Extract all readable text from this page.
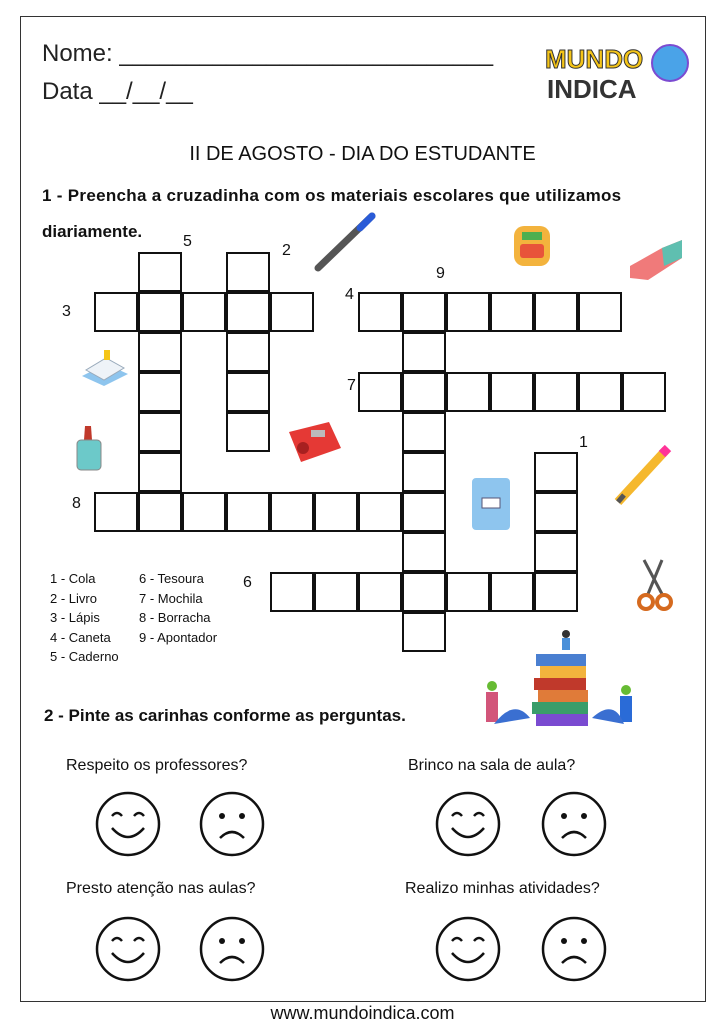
Nome: ____________________________
Data __/__/__
MUNDO
INDICA
II DE AGOSTO - DIA DO ESTUDANTE
1 - Preencha a cruzadinha com os materiais escolares que utilizamos
diariamente.
5
2
3
4
9
7
1
8
6
1 - Cola
2 - Livro
3 - Lápis
4 - Caneta
5 - Caderno
6 - Tesoura
7 - Mochila
8 - Borracha
9 - Apontador
2 - Pinte as carinhas conforme as perguntas.
Respeito os professores?	Brinco na sala de aula?
Presto atenção nas aulas?	Realizo minhas atividades?
www.mundoindica.com
